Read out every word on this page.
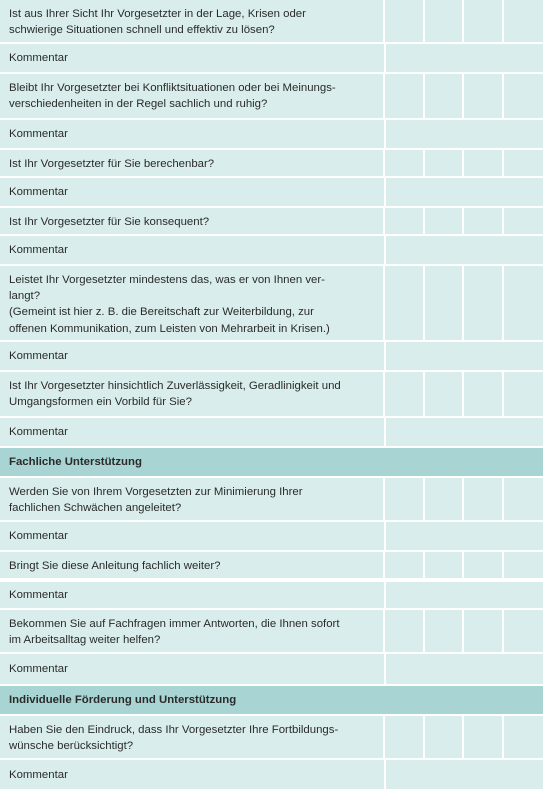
Ist aus Ihrer Sicht Ihr Vorgesetzter in der Lage, Krisen oder
schwierige Situationen schnell und effektiv zu lösen?
Kommentar
Bleibt Ihr Vorgesetzter bei Konfliktsituationen oder bei Meinungs-
verschiedenheiten in der Regel sachlich und ruhig?
Kommentar
Ist Ihr Vorgesetzter für Sie berechenbar?
Kommentar
Ist Ihr Vorgesetzter für Sie konsequent?
Kommentar
Leistet Ihr Vorgesetzter mindestens das, was er von Ihnen ver-
langt?
(Gemeint ist hier z. B. die Bereitschaft zur Weiterbildung, zur
offenen Kommunikation, zum Leisten von Mehrarbeit in Krisen.)
Kommentar
Ist Ihr Vorgesetzter hinsichtlich Zuverlässigkeit, Geradlinigkeit und
Umgangsformen ein Vorbild für Sie?
Kommentar
Fachliche Unterstützung
Werden Sie von Ihrem Vorgesetzten zur Minimierung Ihrer
fachlichen Schwächen angeleitet?
Kommentar
Bringt Sie diese Anleitung fachlich weiter?
Kommentar
Bekommen Sie auf Fachfragen immer Antworten, die Ihnen sofort
im Arbeitsalltag weiter helfen?
Kommentar
Individuelle Förderung und Unterstützung
Haben Sie den Eindruck, dass Ihr Vorgesetzter Ihre Fortbildungs-
wünsche berücksichtigt?
Kommentar
